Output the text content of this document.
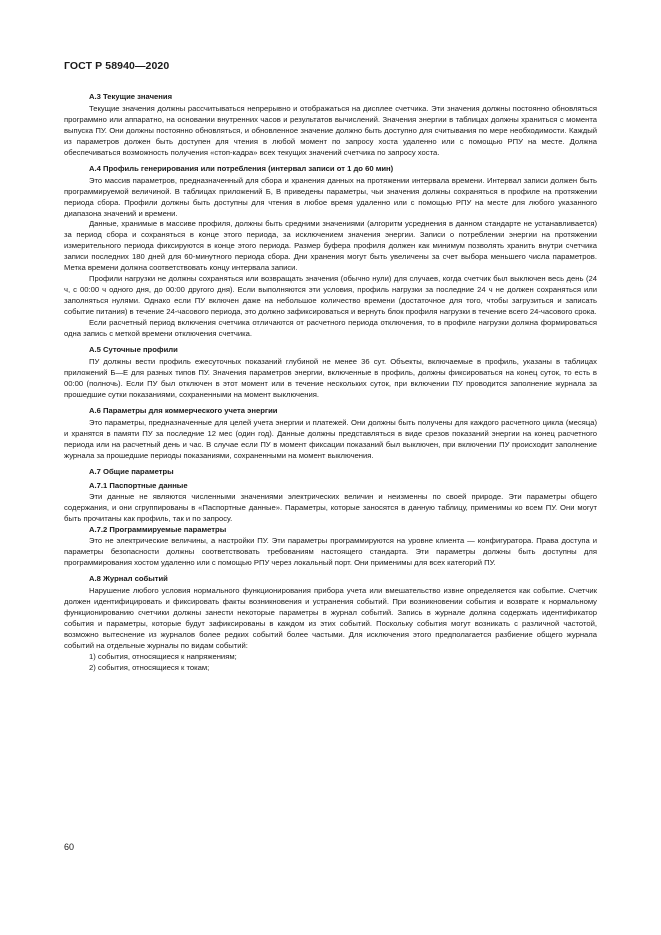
ГОСТ Р 58940—2020
А.3 Текущие значения

Текущие значения должны рассчитываться непрерывно и отображаться на дисплее счетчика. Эти значения должны постоянно обновляться программно или аппаратно, на основании внутренних часов и результатов вычислений. Значения энергии в таблицах должны храниться с момента выпуска ПУ. Они должны постоянно обновляться, и обновленное значение должно быть доступно для считывания по мере необходимости. Каждый из параметров должен быть доступен для чтения в любой момент по запросу хоста удаленно или с помощью РПУ на месте. Должна обеспечиваться возможность получения «стоп-кадра» всех текущих значений счетчика по запросу хоста.

А.4 Профиль генерирования или потребления (интервал записи от 1 до 60 мин)

Это массив параметров, предназначенный для сбора и хранения данных на протяжении интервала времени. Интервал записи должен быть программируемой величиной. В таблицах приложений Б, В приведены параметры, чьи значения должны сохраняться в профиле на протяжении периода сбора. Профили должны быть доступны для чтения в любое время удаленно или с помощью РПУ на месте для любого указанного диапазона значений и времени.

Данные, хранимые в массиве профиля, должны быть средними значениями (алгоритм усреднения в данном стандарте не устанавливается) за период сбора и сохраняться в конце этого периода, за исключением значения энергии. Записи о потреблении энергии на протяжении измерительного периода фиксируются в конце этого периода. Размер буфера профиля должен как минимум позволять хранить внутри счетчика записи последних 180 дней для 60-минутного периода сбора. Дни хранения могут быть увеличены за счет выбора меньшего числа параметров. Метка времени должна соответствовать концу интервала записи.

Профили нагрузки не должны сохраняться или возвращать значения (обычно нули) для случаев, когда счетчик был выключен весь день (24 ч, с 00:00 ч одного дня, до 00:00 другого дня). Если выполняются эти условия, профиль нагрузки за последние 24 ч не должен сохраняться или заполняться нулями. Однако если ПУ включен даже на небольшое количество времени (достаточное для того, чтобы загрузиться и записать событие питания) в течение 24-часового периода, это должно зафиксироваться и вернуть блок профиля нагрузки в течение всего 24-часового срока.

Если расчетный период включения счетчика отличаются от расчетного периода отключения, то в профиле нагрузки должна формироваться одна запись с меткой времени отключения счетчика.

А.5 Суточные профили

ПУ должны вести профиль ежесуточных показаний глубиной не менее 36 сут. Объекты, включаемые в профиль, указаны в таблицах приложений Б—Е для разных типов ПУ. Значения параметров энергии, включенные в профиль, должны фиксироваться на конец суток, то есть в 00:00 (полночь). Если ПУ был отключен в этот момент или в течение нескольких суток, при включении ПУ проводится заполнение журнала за прошедшие сутки показаниями, сохраненными на момент выключения.

А.6 Параметры для коммерческого учета энергии

Это параметры, предназначенные для целей учета энергии и платежей. Они должны быть получены для каждого расчетного цикла (месяца) и хранятся в памяти ПУ за последние 12 мес (один год). Данные должны представляться в виде срезов показаний энергии на конец расчетного периода или на расчетный день и час. В случае если ПУ в момент фиксации показаний был выключен, при включении ПУ происходит заполнение журнала за прошедшие периоды показаниями, сохраненными на момент выключения.

А.7 Общие параметры
А.7.1 Паспортные данные

Эти данные не являются численными значениями электрических величин и неизменны по своей природе. Эти параметры общего содержания, и они сгруппированы в «Паспортные данные». Параметры, которые заносятся в данную таблицу, применимы ко всем ПУ. Они могут быть прочитаны как профиль, так и по запросу.

А.7.2 Программируемые параметры

Это не электрические величины, а настройки ПУ. Эти параметры программируются на уровне клиента — конфигуратора. Права доступа и параметры безопасности должны соответствовать требованиям настоящего стандарта. Эти параметры должны быть доступны для программирования хостом удаленно или с помощью РПУ через локальный порт. Они применимы для всех категорий ПУ.

А.8 Журнал событий

Нарушение любого условия нормального функционирования прибора учета или вмешательство извне определяется как событие. Счетчик должен идентифицировать и фиксировать факты возникновения и устранения событий. При возникновении события и возврате к нормальному функционированию счетчики должны занести некоторые параметры в журнал событий. Запись в журнале должна содержать идентификатор события и параметры, которые будут зафиксированы в каждом из этих событий. Поскольку события могут возникать с различной частотой, возможно вытеснение из журналов более редких событий более частыми. Для исключения этого предполагается разбиение общего журнала событий на отдельные журналы по видам событий:

1) события, относящиеся к напряжениям;
2) события, относящиеся к токам;
60
